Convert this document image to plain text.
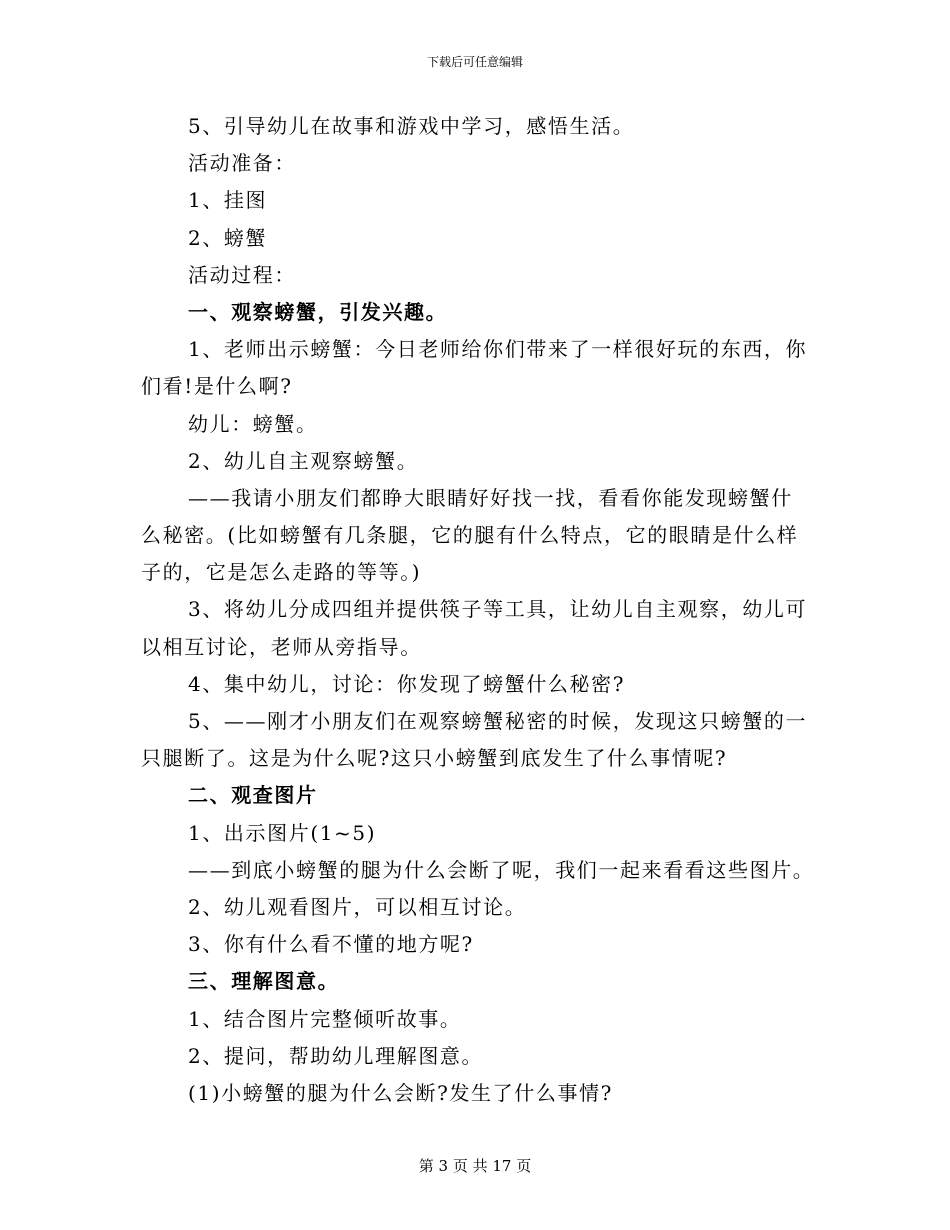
下载后可任意编辑
5、引导幼儿在故事和游戏中学习，感悟生活。
活动准备：
1、挂图
2、螃蟹
活动过程：
一、观察螃蟹，引发兴趣。
1、老师出示螃蟹：今日老师给你们带来了一样很好玩的东西，你
们看!是什么啊?
幼儿：螃蟹。
2、幼儿自主观察螃蟹。
——我请小朋友们都睁大眼睛好好找一找，看看你能发现螃蟹什
么秘密。(比如螃蟹有几条腿，它的腿有什么特点，它的眼睛是什么样
子的，它是怎么走路的等等。)
3、将幼儿分成四组并提供筷子等工具，让幼儿自主观察，幼儿可
以相互讨论，老师从旁指导。
4、集中幼儿，讨论：你发现了螃蟹什么秘密?
5、——刚才小朋友们在观察螃蟹秘密的时候，发现这只螃蟹的一
只腿断了。这是为什么呢?这只小螃蟹到底发生了什么事情呢?
二、观查图片
1、出示图片(1~5)
——到底小螃蟹的腿为什么会断了呢，我们一起来看看这些图片。
2、幼儿观看图片，可以相互讨论。
3、你有什么看不懂的地方呢?
三、理解图意。
1、结合图片完整倾听故事。
2、提问，帮助幼儿理解图意。
(1)小螃蟹的腿为什么会断?发生了什么事情?
第 3 页 共 17 页
